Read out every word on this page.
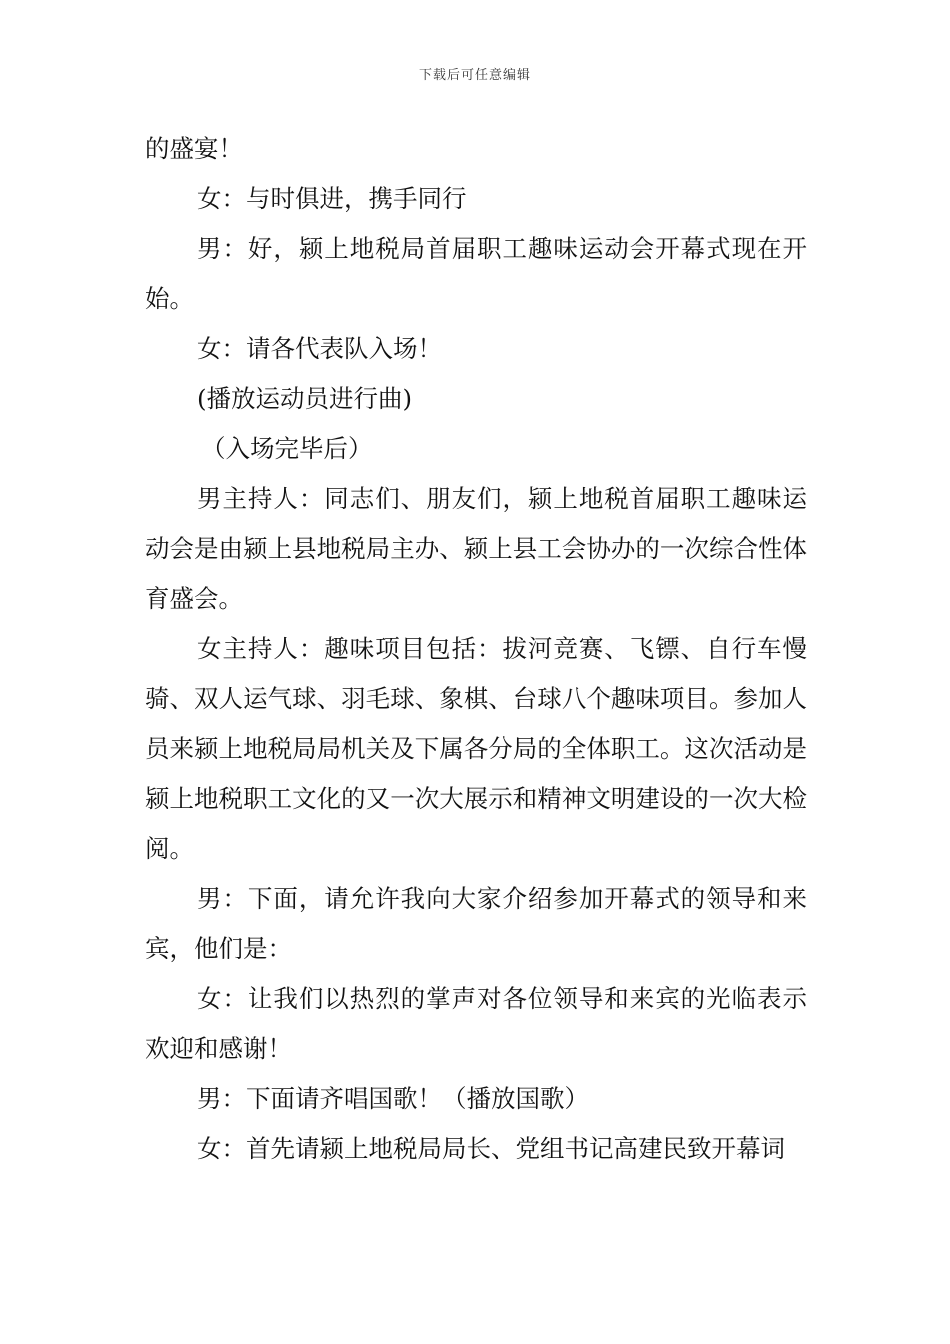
下载后可任意编辑

的盛宴！

女：与时俱进，携手同行

男：好，颍上地税局首届职工趣味运动会开幕式现在开始。

女：请各代表队入场！

(播放运动员进行曲)

（入场完毕后）

男主持人：同志们、朋友们，颍上地税首届职工趣味运动会是由颍上县地税局主办、颍上县工会协办的一次综合性体育盛会。

女主持人：趣味项目包括：拔河竞赛、飞镖、自行车慢骑、双人运气球、羽毛球、象棋、台球八个趣味项目。参加人员来颍上地税局局机关及下属各分局的全体职工。这次活动是颍上地税职工文化的又一次大展示和精神文明建设的一次大检阅。

男：下面，请允许我向大家介绍参加开幕式的领导和来宾，他们是：

女：让我们以热烈的掌声对各位领导和来宾的光临表示欢迎和感谢！

男：下面请齐唱国歌！（播放国歌）

女：首先请颍上地税局局长、党组书记高建民致开幕词
